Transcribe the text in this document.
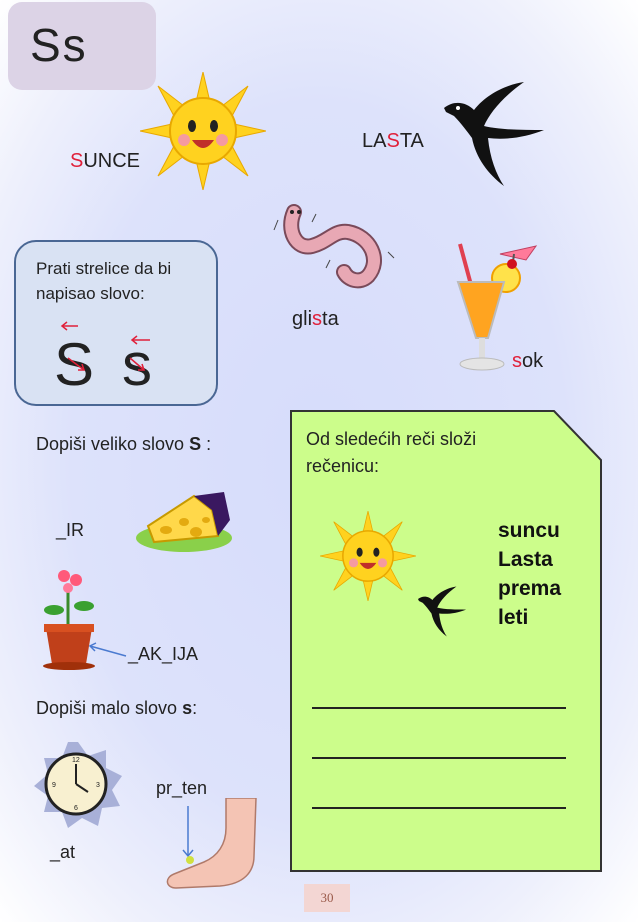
Ss
SUNCE
LASTA
glista
sok
Prati strelice da bi napisao slovo:
S s
Dopiši veliko slovo S :
_IR
_AK_IJA
Dopiši malo slovo s:
12
3
6
9
_at
pr_ten
Od sledećih reči složi rečenicu:
suncu
Lasta
prema
leti
30
